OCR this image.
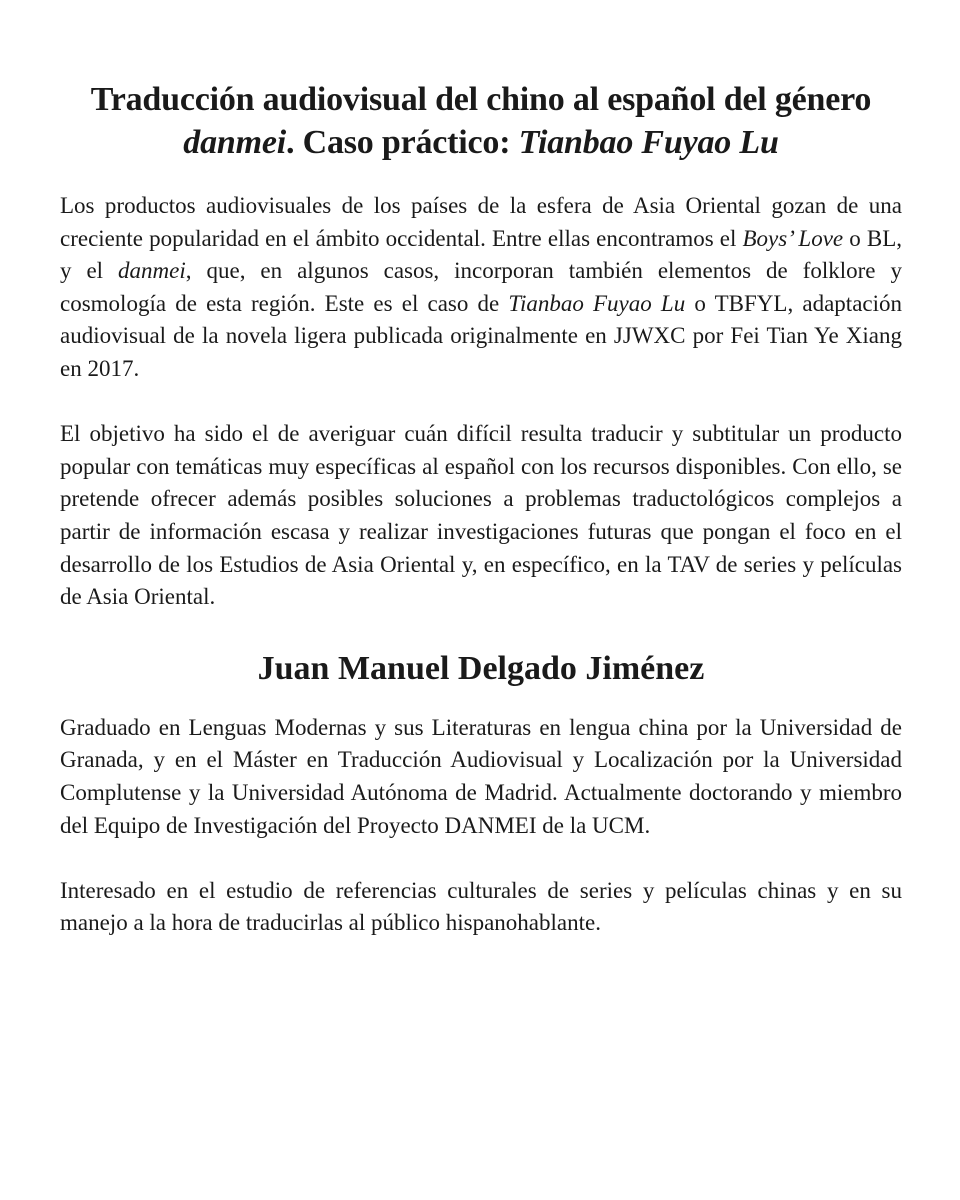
Traducción audiovisual del chino al español del género danmei. Caso práctico: Tianbao Fuyao Lu

Los productos audiovisuales de los países de la esfera de Asia Oriental gozan de una creciente popularidad en el ámbito occidental. Entre ellas encontramos el Boys’ Love o BL, y el danmei, que, en algunos casos, incorporan también elementos de folklore y cosmología de esta región. Este es el caso de Tianbao Fuyao Lu o TBFYL, adaptación audiovisual de la novela ligera publicada originalmente en JJWXC por Fei Tian Ye Xiang en 2017.

El objetivo ha sido el de averiguar cuán difícil resulta traducir y subtitular un producto popular con temáticas muy específicas al español con los recursos disponibles. Con ello, se pretende ofrecer además posibles soluciones a problemas traductológicos complejos a partir de información escasa y realizar investigaciones futuras que pongan el foco en el desarrollo de los Estudios de Asia Oriental y, en específico, en la TAV de series y películas de Asia Oriental.

Juan Manuel Delgado Jiménez

Graduado en Lenguas Modernas y sus Literaturas en lengua china por la Universidad de Granada, y en el Máster en Traducción Audiovisual y Localización por la Universidad Complutense y la Universidad Autónoma de Madrid. Actualmente doctorando y miembro del Equipo de Investigación del Proyecto DANMEI de la UCM.

Interesado en el estudio de referencias culturales de series y películas chinas y en su manejo a la hora de traducirlas al público hispanohablante.
